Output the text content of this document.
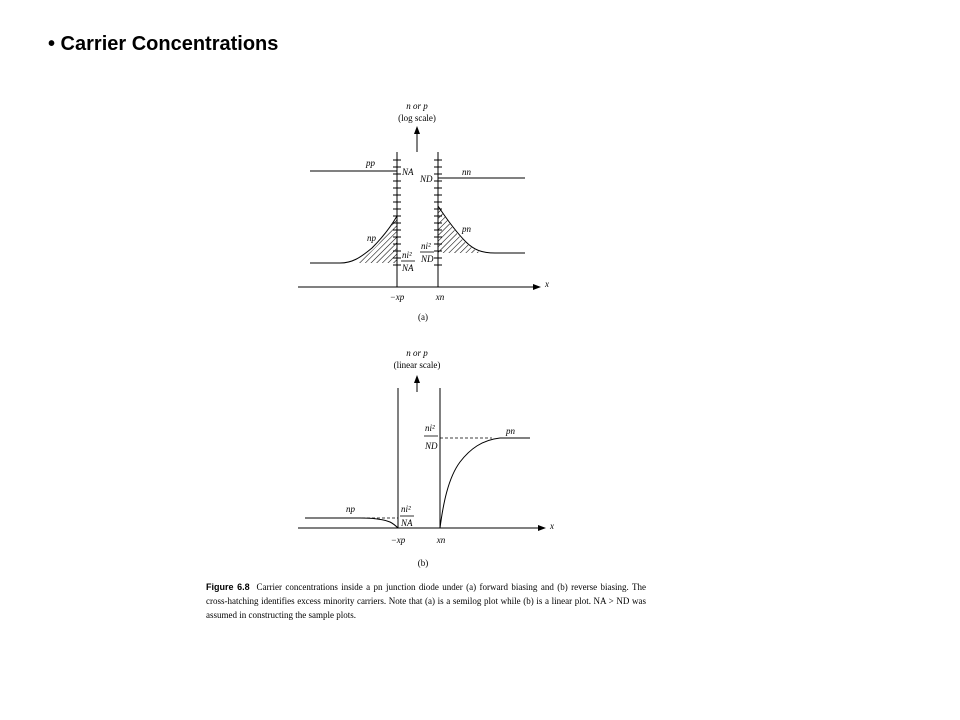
• Carrier Concentrations
n or p
(log scale)
pp
NA
ND
nn
np
pn
ni²
NA
ni²
ND
−xp	xn
x
(a)
n or p
(linear scale)
pn
np
ni²
ND
ni²
NA
−xp	xn
x
(b)
Figure 6.8 Carrier concentrations inside a pn junction diode under (a) forward biasing and (b) reverse biasing. The cross-hatching identifies excess minority carriers. Note that (a) is a semilog plot while (b) is a linear plot. NA > ND was assumed in constructing the sample plots.
